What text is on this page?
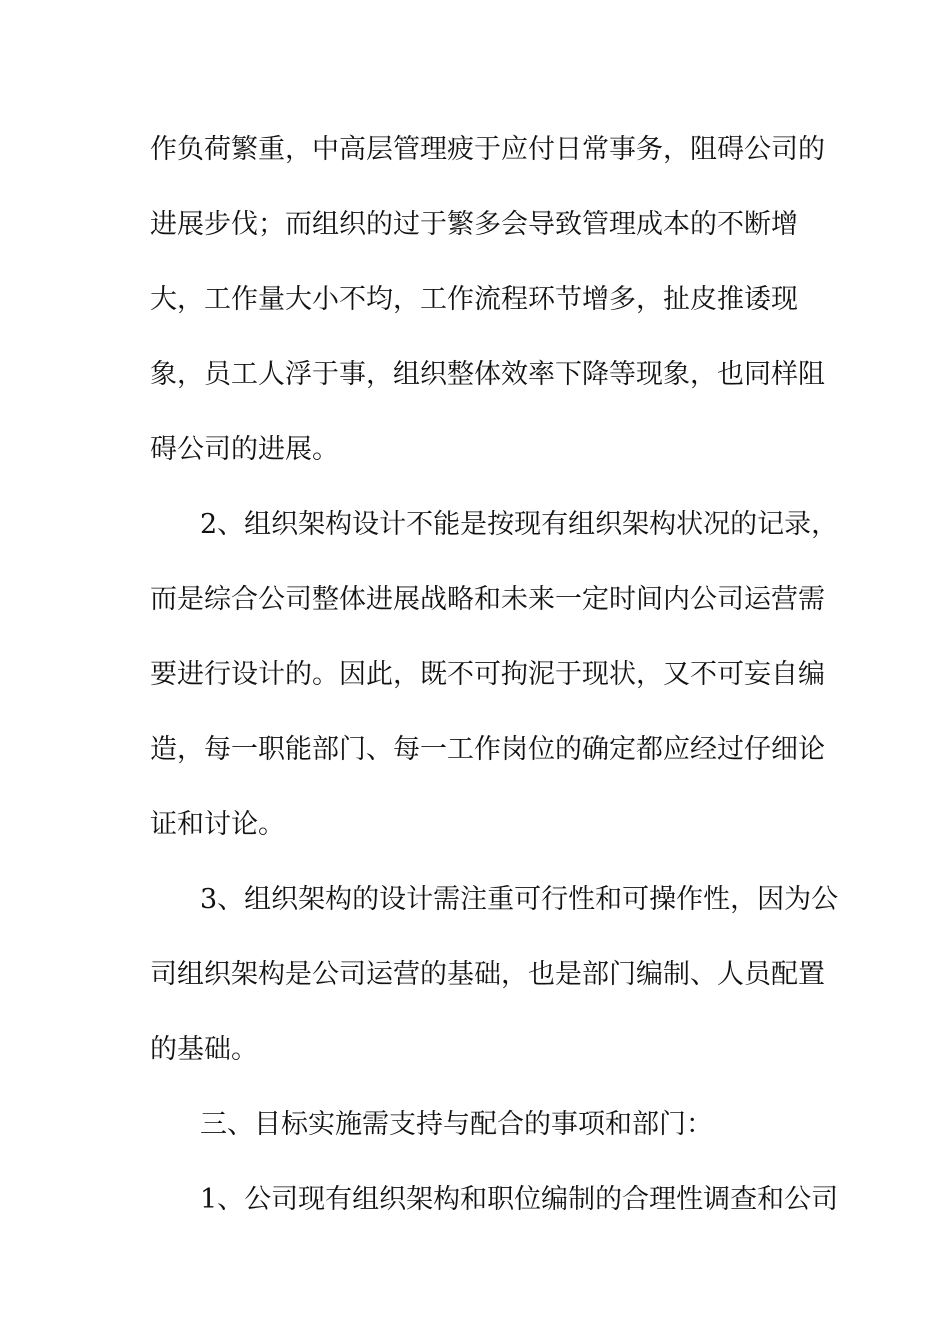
作负荷繁重，中高层管理疲于应付日常事务，阻碍公司的
进展步伐；而组织的过于繁多会导致管理成本的不断增
大，工作量大小不均，工作流程环节增多，扯皮推诿现
象，员工人浮于事，组织整体效率下降等现象，也同样阻
碍公司的进展。
2、组织架构设计不能是按现有组织架构状况的记录，
而是综合公司整体进展战略和未来一定时间内公司运营需
要进行设计的。因此，既不可拘泥于现状，又不可妄自编
造，每一职能部门、每一工作岗位的确定都应经过仔细论
证和讨论。
3、组织架构的设计需注重可行性和可操作性，因为公
司组织架构是公司运营的基础，也是部门编制、人员配置
的基础。
三、目标实施需支持与配合的事项和部门：
1、公司现有组织架构和职位编制的合理性调查和公司
